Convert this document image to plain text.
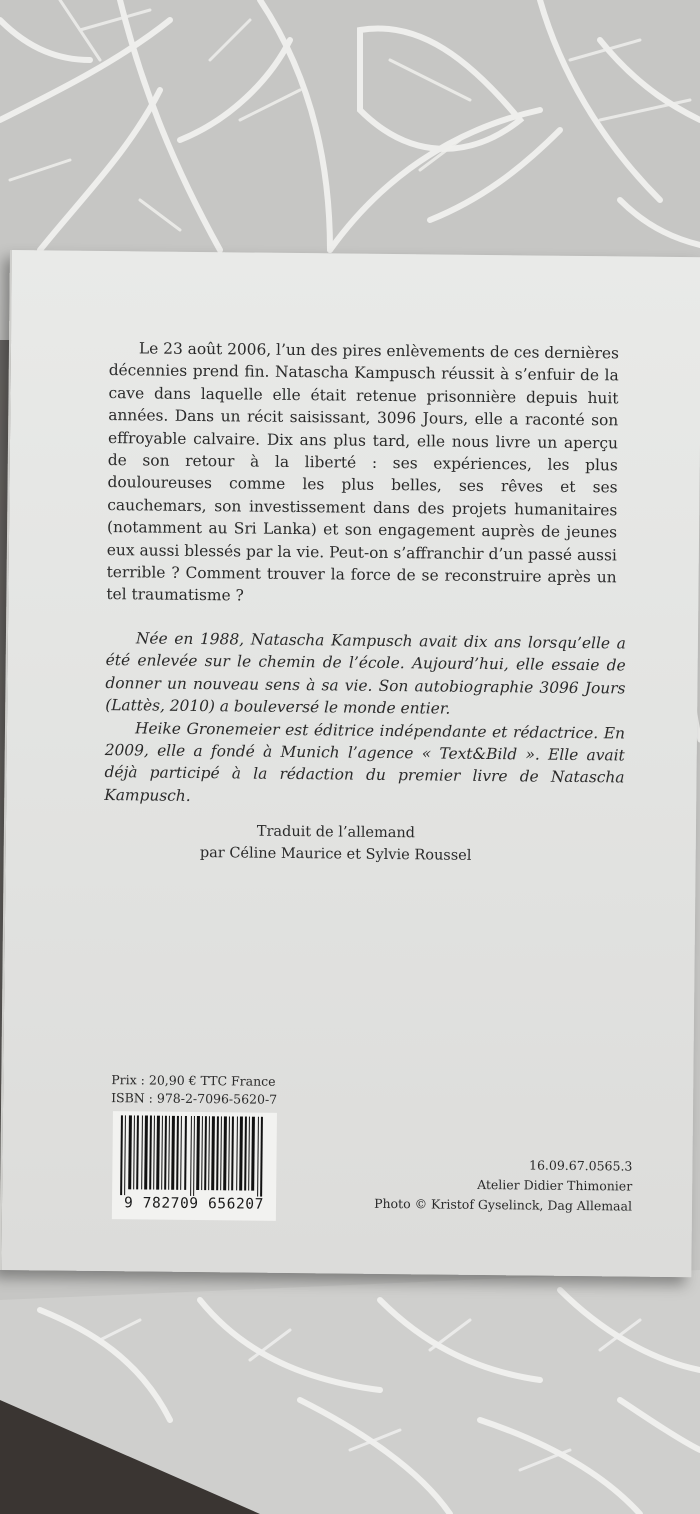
Le 23 août 2006, l’un des pires enlèvements de ces dernières décennies prend fin. Natascha Kampusch réussit à s’enfuir de la cave dans laquelle elle était retenue prisonnière depuis huit années. Dans un récit saisissant, 3096 Jours, elle a raconté son effroyable calvaire. Dix ans plus tard, elle nous livre un aperçu de son retour à la liberté : ses expériences, les plus douloureuses comme les plus belles, ses rêves et ses cauchemars, son investissement dans des projets humanitaires (notamment au Sri Lanka) et son engagement auprès de jeunes eux aussi blessés par la vie. Peut-on s’affranchir d’un passé aussi terrible ? Comment trouver la force de se reconstruire après un tel traumatisme ?

Née en 1988, Natascha Kampusch avait dix ans lorsqu’elle a été enlevée sur le chemin de l’école. Aujourd’hui, elle essaie de donner un nouveau sens à sa vie. Son autobiographie 3096 Jours (Lattès, 2010) a bouleversé le monde entier.

Heike Gronemeier est éditrice indépendante et rédactrice. En 2009, elle a fondé à Munich l’agence « Text&Bild ». Elle avait déjà participé à la rédaction du premier livre de Natascha Kampusch.

Traduit de l’allemand
par Céline Maurice et Sylvie Roussel
Prix : 20,90 € TTC France
ISBN : 978-2-7096-5620-7
9 782709 656207
16.09.67.0565.3
Atelier Didier Thimonier
Photo © Kristof Gyselinck, Dag Allemaal
